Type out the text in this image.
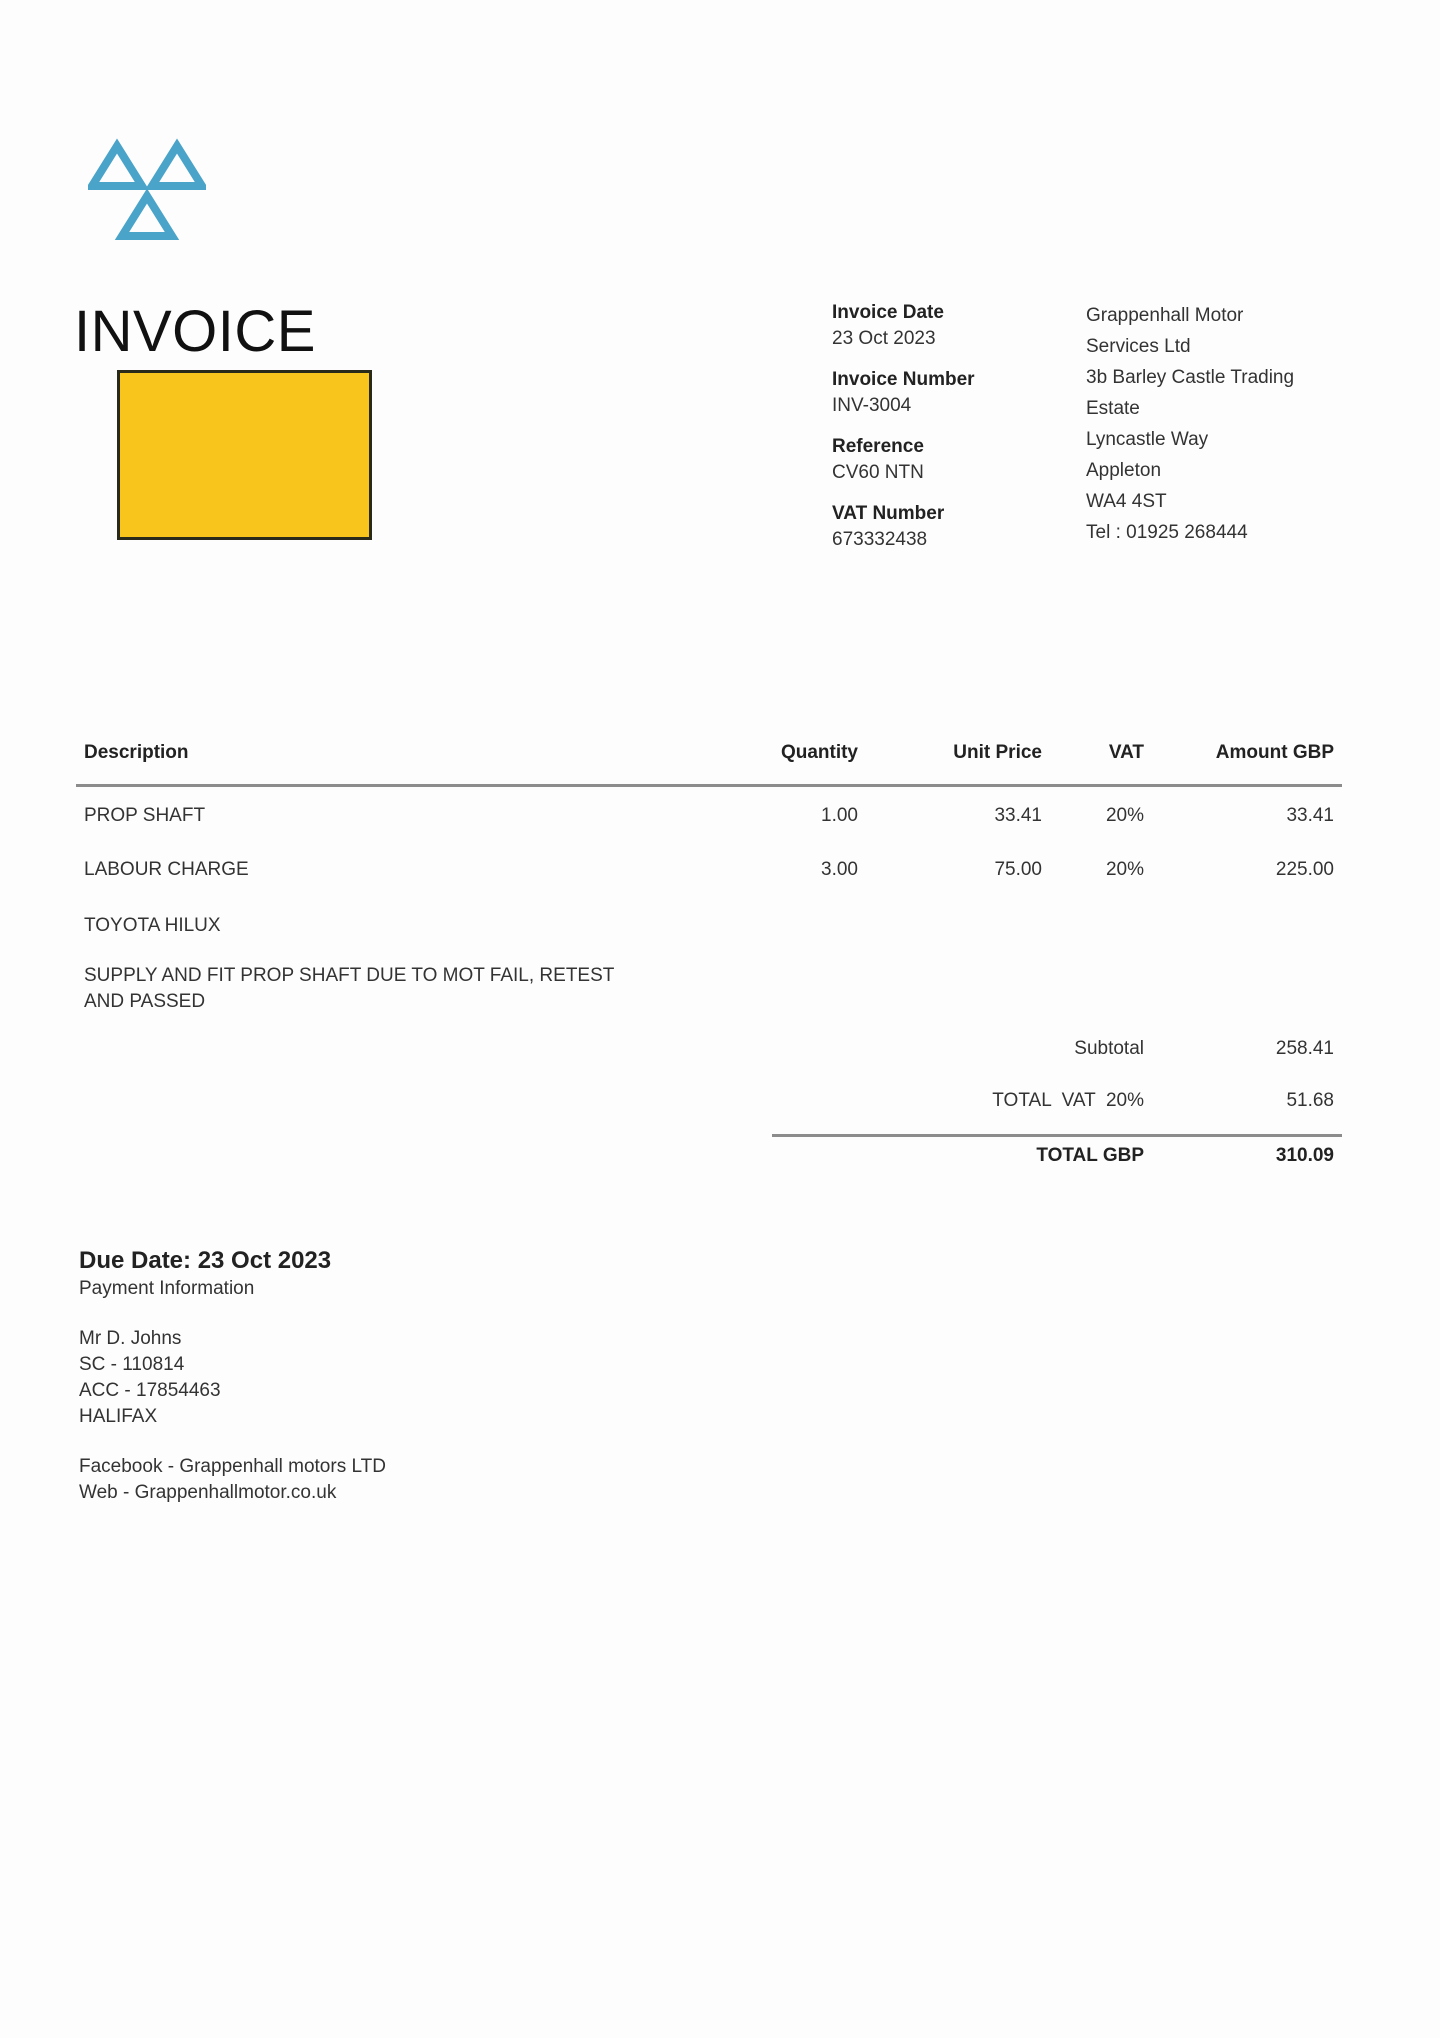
INVOICE	Invoice Date
23 Oct 2023
Invoice Number
INV-3004
Reference
CV60 NTN
VAT Number
673332438
Grappenhall Motor
Services Ltd
3b Barley Castle Trading
Estate
Lyncastle Way
Appleton
WA4 4ST
Tel : 01925 268444
Description	Quantity	Unit Price	VAT	Amount GBP
PROP SHAFT	1.00	33.41	20%	33.41
LABOUR CHARGE	3.00	75.00	20%	225.00
TOYOTA HILUX
SUPPLY AND FIT PROP SHAFT DUE TO MOT FAIL, RETEST AND PASSED
Subtotal	258.41
TOTAL  VAT  20%	51.68
TOTAL GBP	310.09
Due Date: 23 Oct 2023
Payment Information
Mr D. Johns
SC - 110814
ACC - 17854463
HALIFAX
Facebook - Grappenhall motors LTD
Web - Grappenhallmotor.co.uk
